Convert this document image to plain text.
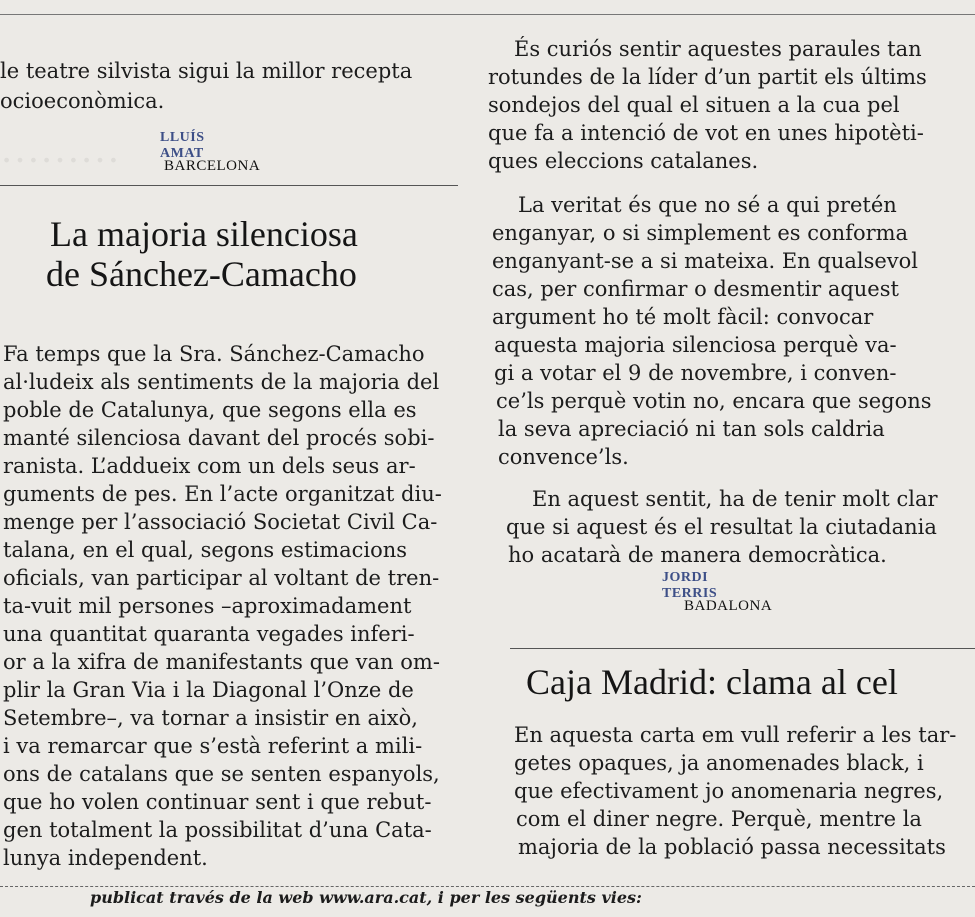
………
le teatre silvista sigui la millor recepta
ocioeconòmica.
LLUÍS AMAT
BARCELONA
La majoria silenciosa
de Sánchez-Camacho
Fa temps que la Sra. Sánchez-Camacho
al·ludeix als sentiments de la majoria del
poble de Catalunya, que segons ella es
manté silenciosa davant del procés sobi-
ranista. L’addueix com un dels seus ar-
guments de pes. En l’acte organitzat diu-
menge per l’associació Societat Civil Ca-
talana, en el qual, segons estimacions
oficials, van participar al voltant de tren-
ta-vuit mil persones –aproximadament
una quantitat quaranta vegades inferi-
or a la xifra de manifestants que van om-
plir la Gran Via i la Diagonal l’Onze de
Setembre–, va tornar a insistir en això,
i va remarcar que s’està referint a mili-
ons de catalans que se senten espanyols,
que ho volen continuar sent i que rebut-
gen totalment la possibilitat d’una Cata-
lunya independent.
És curiós sentir aquestes paraules tan
rotundes de la líder d’un partit els últims
sondejos del qual el situen a la cua pel
que fa a intenció de vot en unes hipotèti-
ques eleccions catalanes.
La veritat és que no sé a qui pretén
enganyar, o si simplement es conforma
enganyant-se a si mateixa. En qualsevol
cas, per confirmar o desmentir aquest
argument ho té molt fàcil: convocar
aquesta majoria silenciosa perquè va-
gi a votar el 9 de novembre, i conven-
ce’ls perquè votin no, encara que segons
la seva apreciació ni tan sols caldria
convence’ls.
En aquest sentit, ha de tenir molt clar
que si aquest és el resultat la ciutadania
ho acatarà de manera democràtica.
JORDI TERRIS
BADALONA
Caja Madrid: clama al cel
En aquesta carta em vull referir a les tar-
getes opaques, ja anomenades black, i
que efectivament jo anomenaria negres,
com el diner negre. Perquè, mentre la
majoria de la població passa necessitats
publicat través de la web www.ara.cat, i per les següents vies:
